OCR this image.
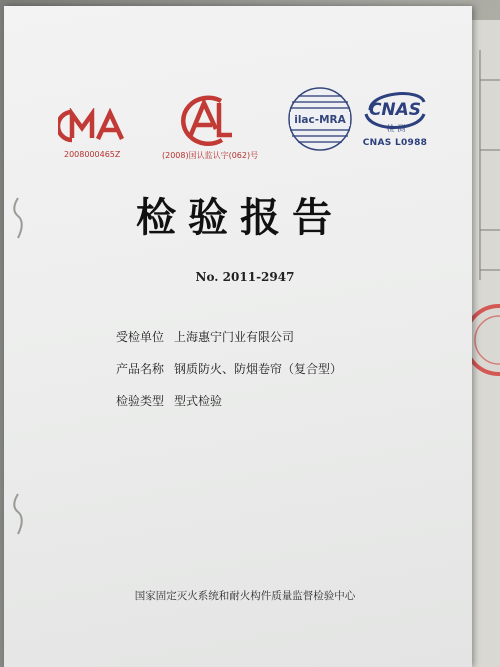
2008000465Z	(2008)国认监认字(062)号
ilac-MRA CNAS
检 测
CNAS L0988
检验报告
No. 2011-2947
受检单位 上海惠宁门业有限公司
产品名称 钢质防火、防烟卷帘（复合型）
检验类型 型式检验
国家固定灭火系统和耐火构件质量监督检验中心
